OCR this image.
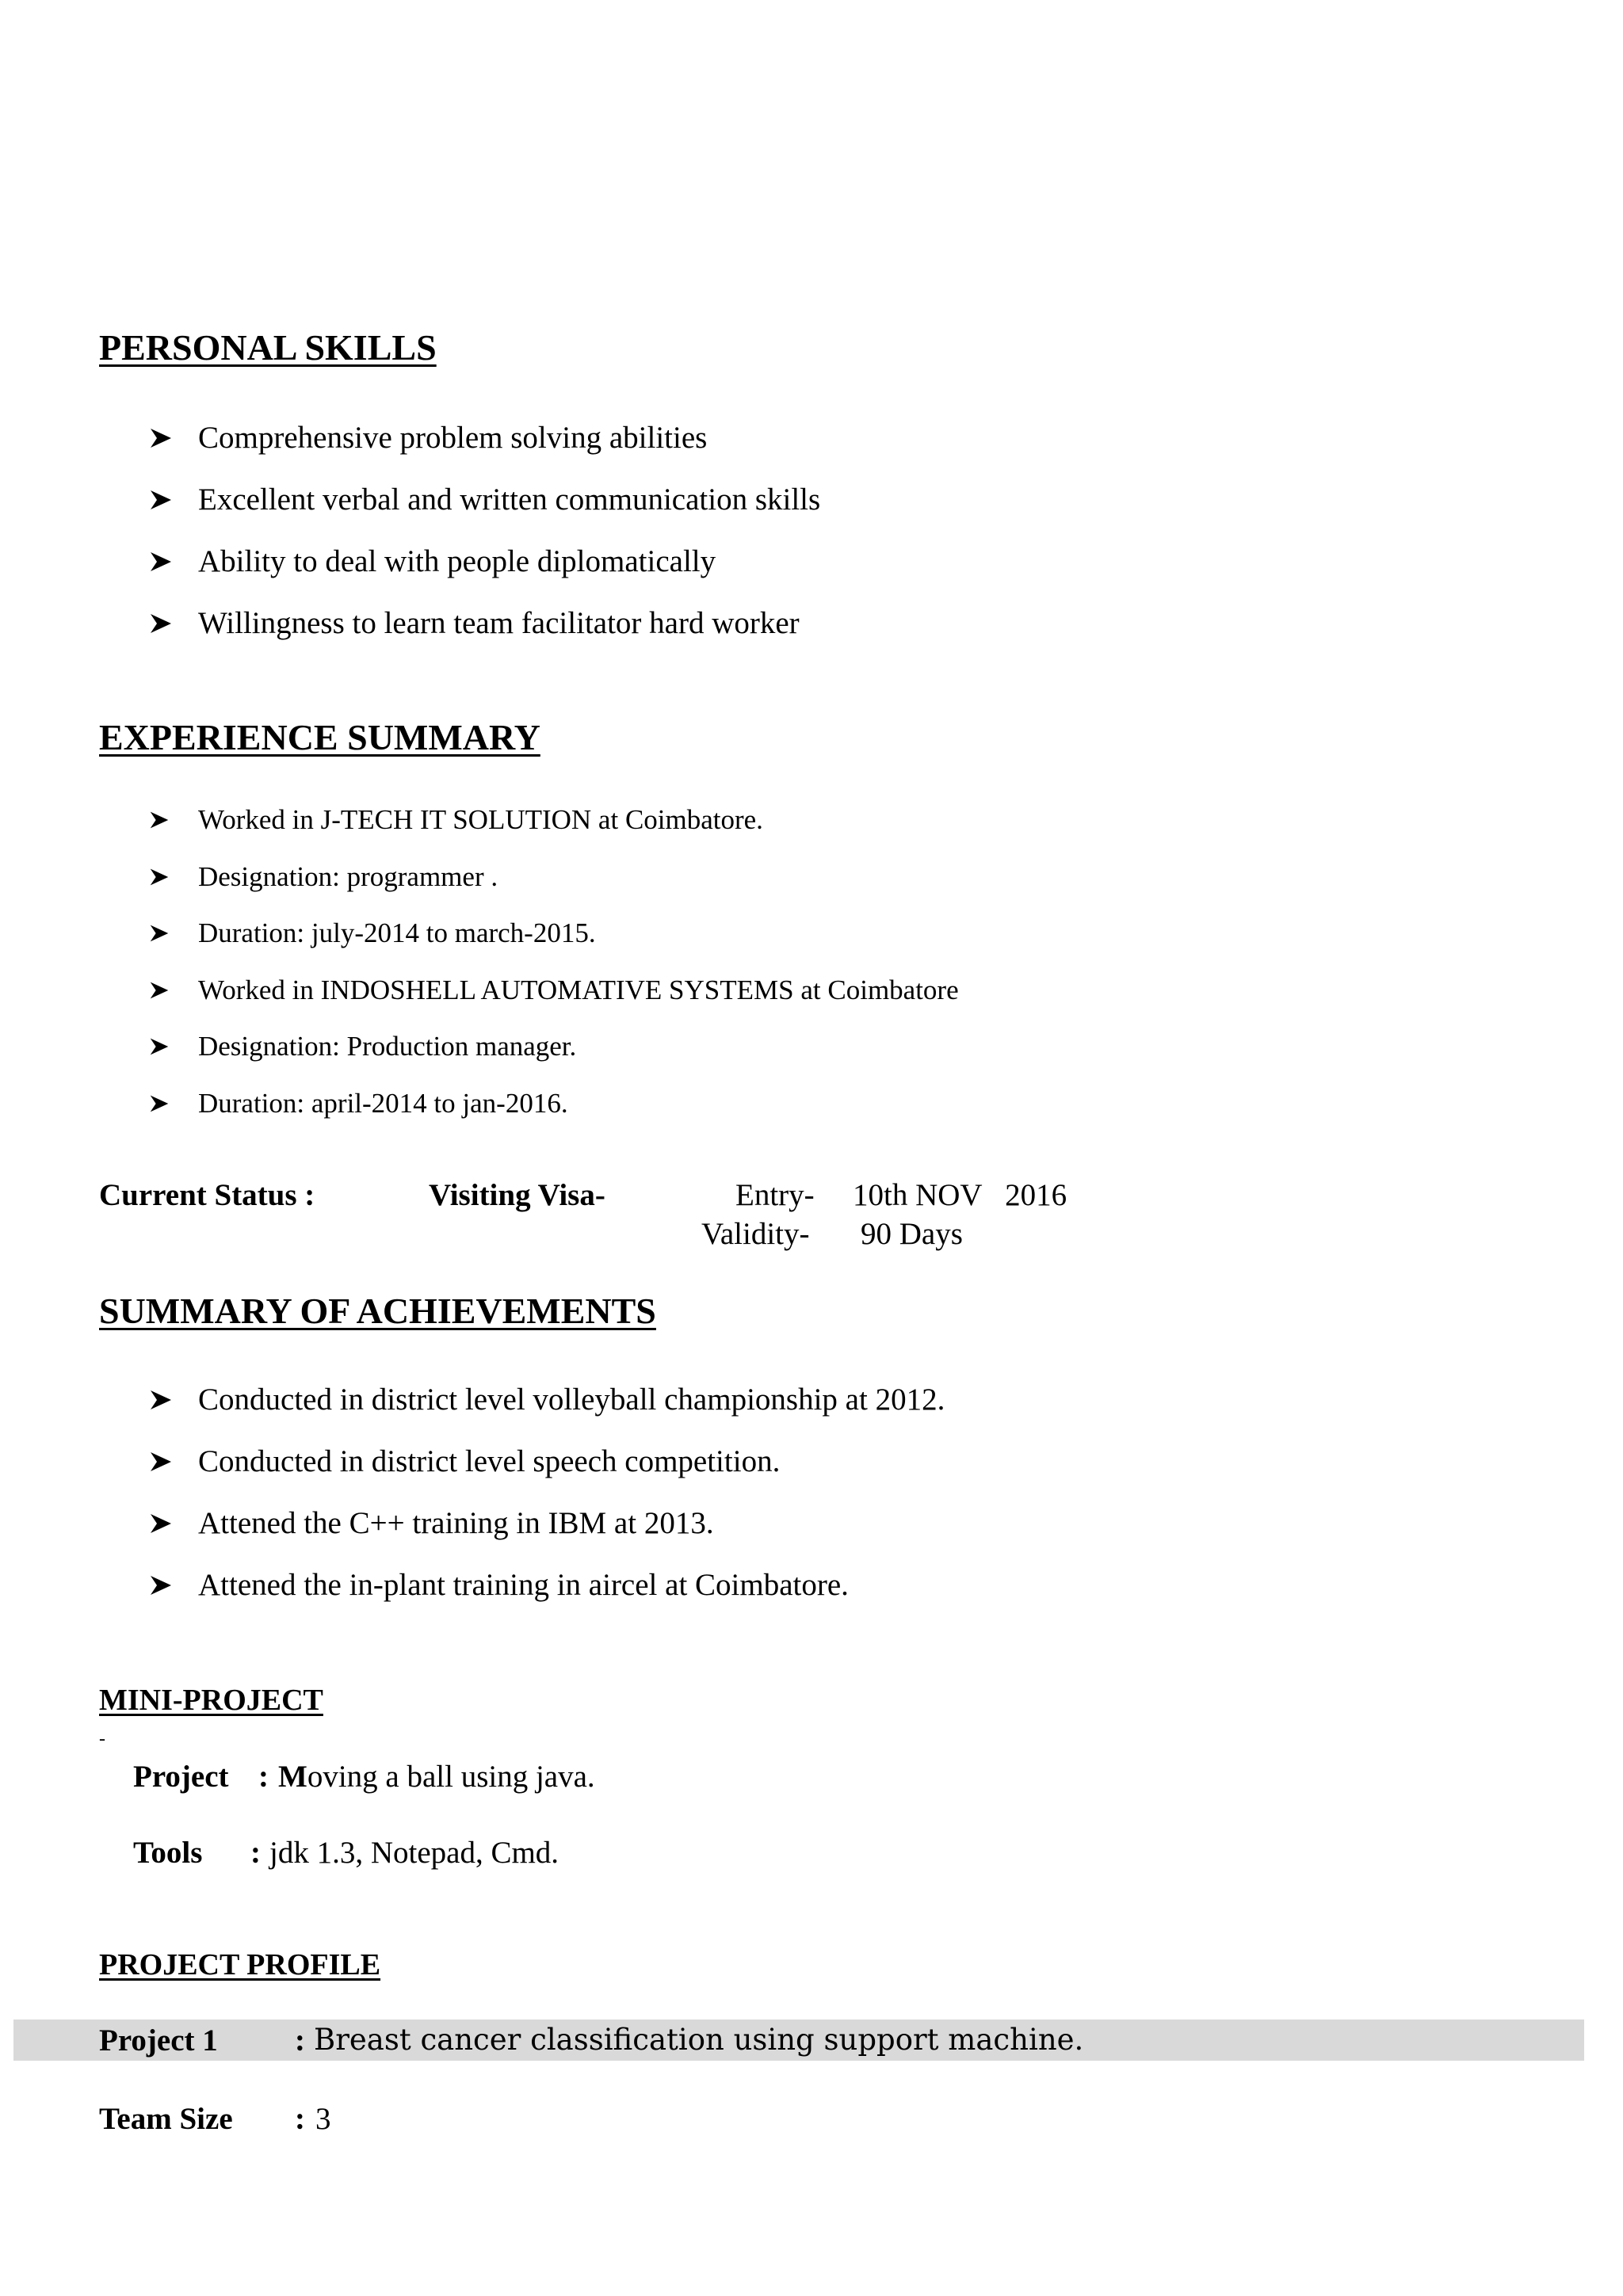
PERSONAL SKILLS
Comprehensive problem solving abilities
Excellent verbal and written communication skills
Ability to deal with people diplomatically
Willingness to learn team facilitator hard worker
EXPERIENCE SUMMARY
Worked in J-TECH IT SOLUTION at Coimbatore.
Designation: programmer .
Duration: july-2014 to march-2015.
Worked in INDOSHELL AUTOMATIVE SYSTEMS at Coimbatore
Designation: Production manager.
Duration: april-2014 to jan-2016.
Current Status :	Visiting Visa-	Entry- 10th NOV   2016
Validity- 90 Days
SUMMARY OF ACHIEVEMENTS
Conducted in district level volleyball championship at 2012.
Conducted in district level speech competition.
Attened the C++ training in IBM at 2013.
Attened the in-plant training in aircel at Coimbatore.
MINI-PROJECT
-
Project : Moving a ball using java.
Tools : jdk 1.3, Notepad, Cmd.
PROJECT PROFILE
Project 1 : Breast cancer classification using support machine.
Team Size : 3
